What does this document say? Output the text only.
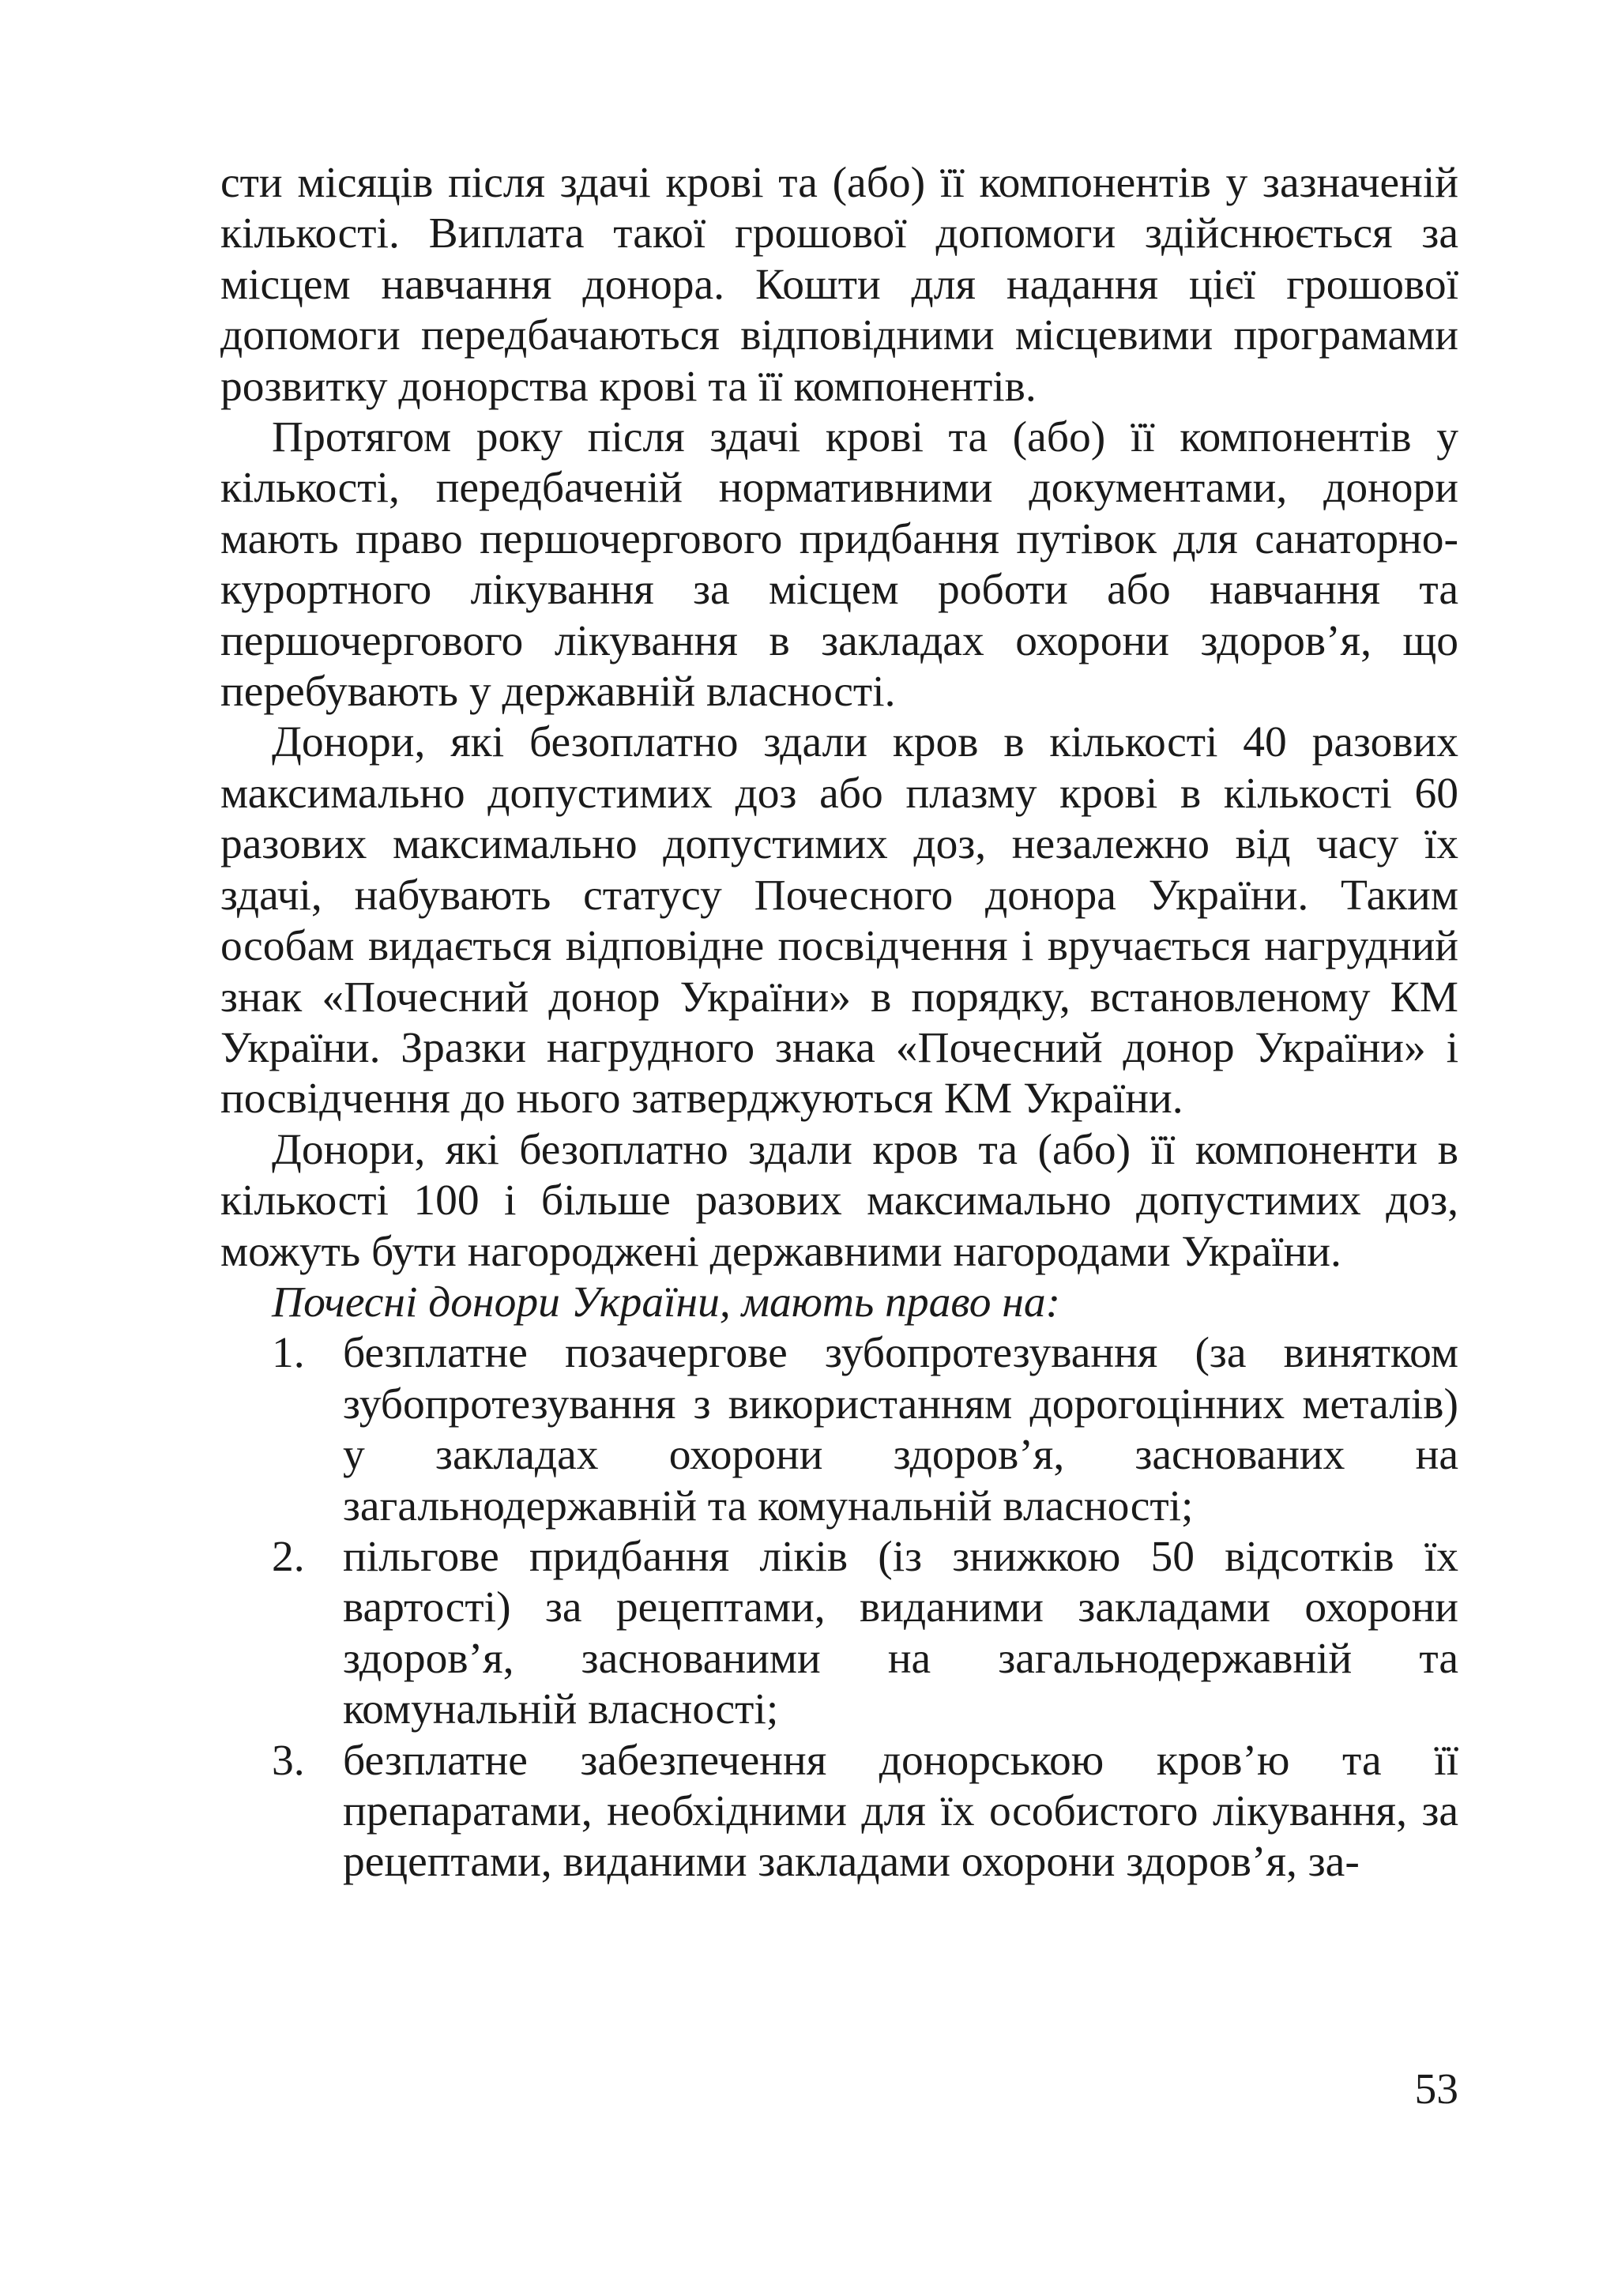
сти місяців після здачі крові та (або) її компонентів у зазначеній кількості. Виплата такої грошової допомоги здійснюється за місцем навчання донора. Кошти для надання цієї грошової допомоги передбачаються відповідними місцевими програмами розвитку донорства крові та її компонентів.

Протягом року після здачі крові та (або) її компонентів у кількості, передбаченій нормативними документами, донори мають право першочергового придбання путівок для санаторно-курортного лікування за місцем роботи або навчання та першочергового лікування в закладах охорони здоров’я, що перебувають у державній власності.

Донори, які безоплатно здали кров в кількості 40 разових максимально допустимих доз або плазму крові в кількості 60 разових максимально допустимих доз, незалежно від часу їх здачі, набувають статусу Почесного донора України. Таким особам видається відповідне посвідчення і вручається нагрудний знак «Почесний донор України» в порядку, встановленому КМ України. Зразки нагрудного знака «Почесний донор України» і посвідчення до нього затверджуються КМ України.

Донори, які безоплатно здали кров та (або) її компоненти в кількості 100 і більше разових максимально допустимих доз, можуть бути нагороджені державними нагородами України.

Почесні донори України, мають право на:

1. безплатне позачергове зубопротезування (за винятком зубопротезування з використанням дорогоцінних металів) у закладах охорони здоров’я, заснованих на загальнодержавній та комунальній власності;
2. пільгове придбання ліків (із знижкою 50 відсотків їх вартості) за рецептами, виданими закладами охорони здоров’я, заснованими на загальнодержавній та комунальній власності;
3. безплатне забезпечення донорською кров’ю та її препаратами, необхідними для їх особистого лікування, за рецептами, виданими закладами охорони здоров’я, за-
53
